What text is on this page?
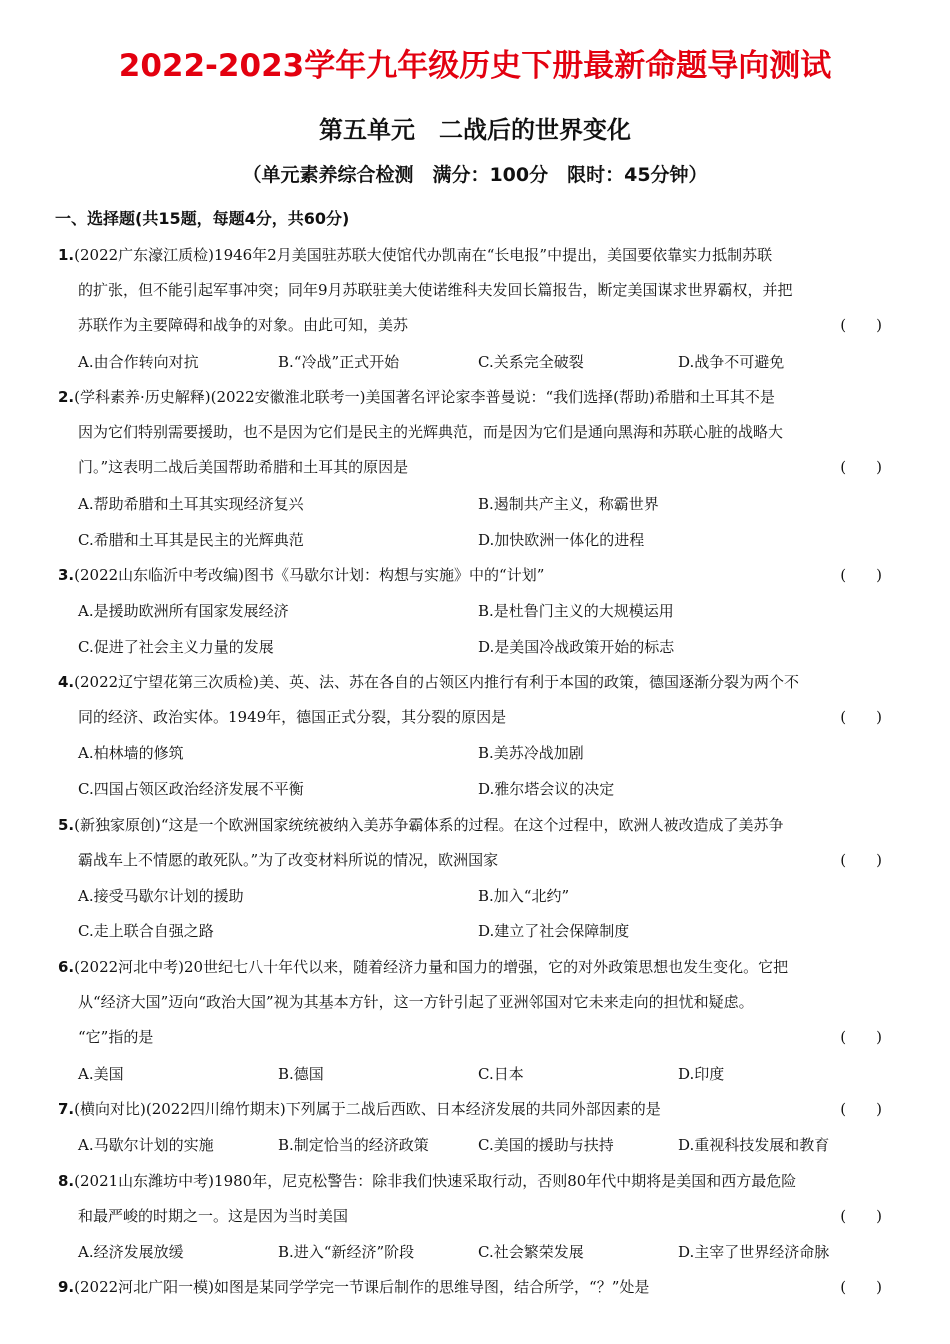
2022-2023学年九年级历史下册最新命题导向测试
第五单元　二战后的世界变化
（单元素养综合检测　满分：100分　限时：45分钟）
一、选择题(共15题，每题4分，共60分)
1.(2022广东濠江质检)1946年2月美国驻苏联大使馆代办凯南在“长电报”中提出，美国要依靠实力抵制苏联
的扩张，但不能引起军事冲突；同年9月苏联驻美大使诺维科夫发回长篇报告，断定美国谋求世界霸权，并把
苏联作为主要障碍和战争的对象。由此可知，美苏	(　　)
A.由合作转向对抗	B.“冷战”正式开始	C.关系完全破裂	D.战争不可避免
2.(学科素养·历史解释)(2022安徽淮北联考一)美国著名评论家李普曼说：“我们选择(帮助)希腊和土耳其不是
因为它们特别需要援助，也不是因为它们是民主的光辉典范，而是因为它们是通向黑海和苏联心脏的战略大
门。”这表明二战后美国帮助希腊和土耳其的原因是	(　　)
A.帮助希腊和土耳其实现经济复兴	B.遏制共产主义，称霸世界
C.希腊和土耳其是民主的光辉典范	D.加快欧洲一体化的进程
3.(2022山东临沂中考改编)图书《马歇尔计划：构想与实施》中的“计划”	(　　)
A.是援助欧洲所有国家发展经济	B.是杜鲁门主义的大规模运用
C.促进了社会主义力量的发展	D.是美国冷战政策开始的标志
4.(2022辽宁望花第三次质检)美、英、法、苏在各自的占领区内推行有利于本国的政策，德国逐渐分裂为两个不
同的经济、政治实体。1949年，德国正式分裂，其分裂的原因是	(　　)
A.柏林墙的修筑	B.美苏冷战加剧
C.四国占领区政治经济发展不平衡	D.雅尔塔会议的决定
5.(新独家原创)“这是一个欧洲国家统统被纳入美苏争霸体系的过程。在这个过程中，欧洲人被改造成了美苏争
霸战车上不情愿的敢死队。”为了改变材料所说的情况，欧洲国家	(　　)
A.接受马歇尔计划的援助	B.加入“北约”
C.走上联合自强之路	D.建立了社会保障制度
6.(2022河北中考)20世纪七八十年代以来，随着经济力量和国力的增强，它的对外政策思想也发生变化。它把
从“经济大国”迈向“政治大国”视为其基本方针，这一方针引起了亚洲邻国对它未来走向的担忧和疑虑。
“它”指的是	(　　)
A.美国	B.德国	C.日本	D.印度
7.(横向对比)(2022四川绵竹期末)下列属于二战后西欧、日本经济发展的共同外部因素的是	(　　)
A.马歇尔计划的实施	B.制定恰当的经济政策	C.美国的援助与扶持	D.重视科技发展和教育
8.(2021山东潍坊中考)1980年，尼克松警告：除非我们快速采取行动，否则80年代中期将是美国和西方最危险
和最严峻的时期之一。这是因为当时美国	(　　)
A.经济发展放缓	B.进入“新经济”阶段	C.社会繁荣发展	D.主宰了世界经济命脉
9.(2022河北广阳一模)如图是某同学学完一节课后制作的思维导图，结合所学，“？”处是	(　　)
